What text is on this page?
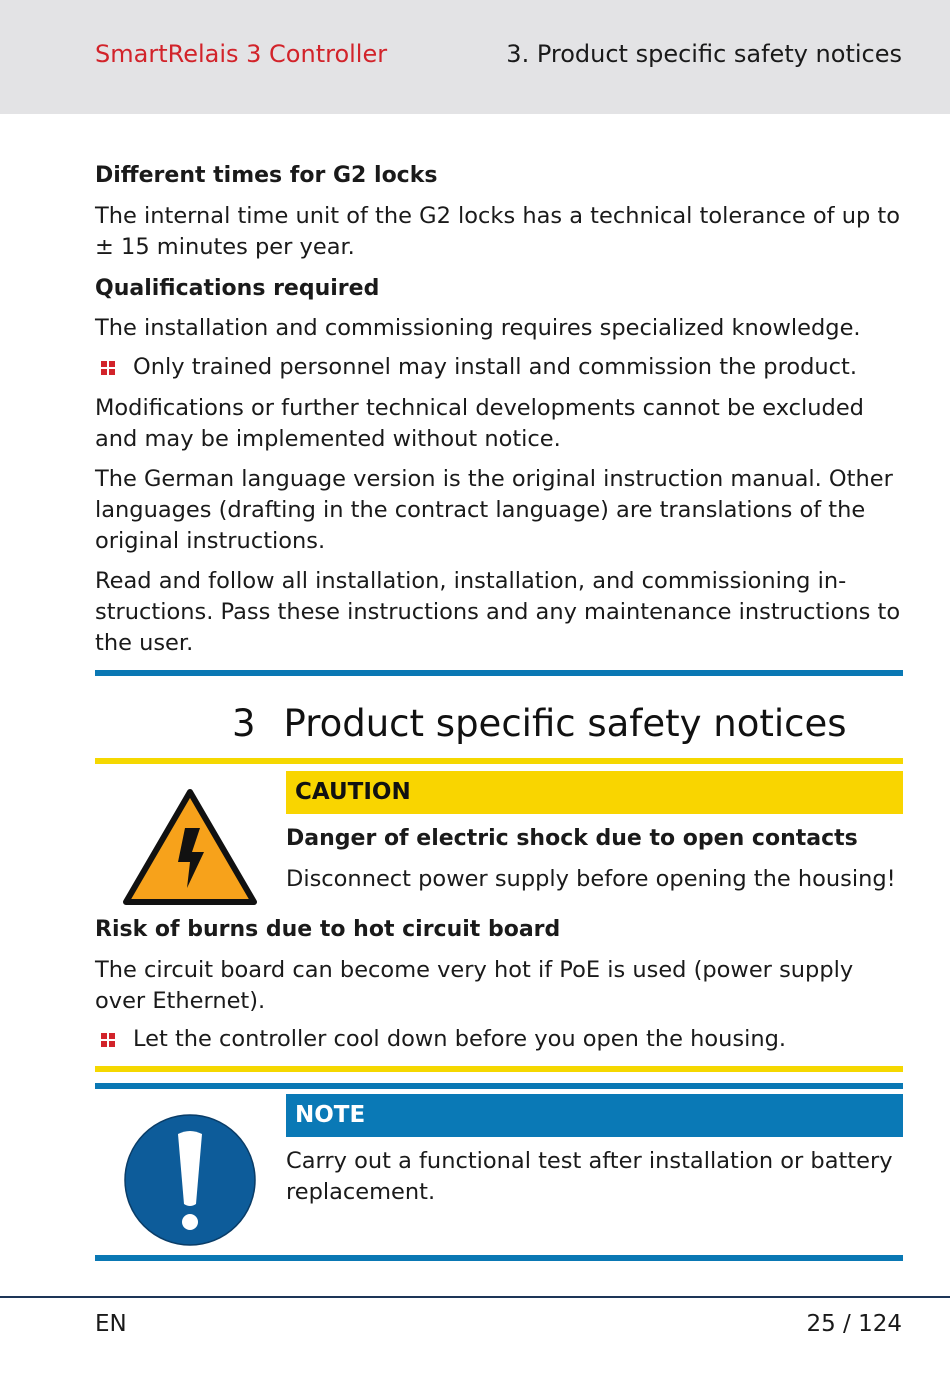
SmartRelais 3 Controller	3. Product specific safety notices

Different times for G2 locks

The internal time unit of the G2 locks has a technical tolerance of up to

± 15 minutes per year.

Qualifications required

The installation and commissioning requires specialized knowledge.

Only trained personnel may install and commission the product.

Modifications or further technical developments cannot be excluded

and may be implemented without notice.

The German language version is the original instruction manual. Other

languages (drafting in the contract language) are translations of the

original instructions.

Read and follow all installation, installation, and commissioning in-

structions. Pass these instructions and any maintenance instructions to

the user.

3 Product specific safety notices
CAUTION

Danger of electric shock due to open contacts

Disconnect power supply before opening the housing!

Risk of burns due to hot circuit board

The circuit board can become very hot if PoE is used (power supply

over Ethernet).

Let the controller cool down before you open the housing.
NOTE

Carry out a functional test after installation or battery

replacement.

EN	25 / 124
